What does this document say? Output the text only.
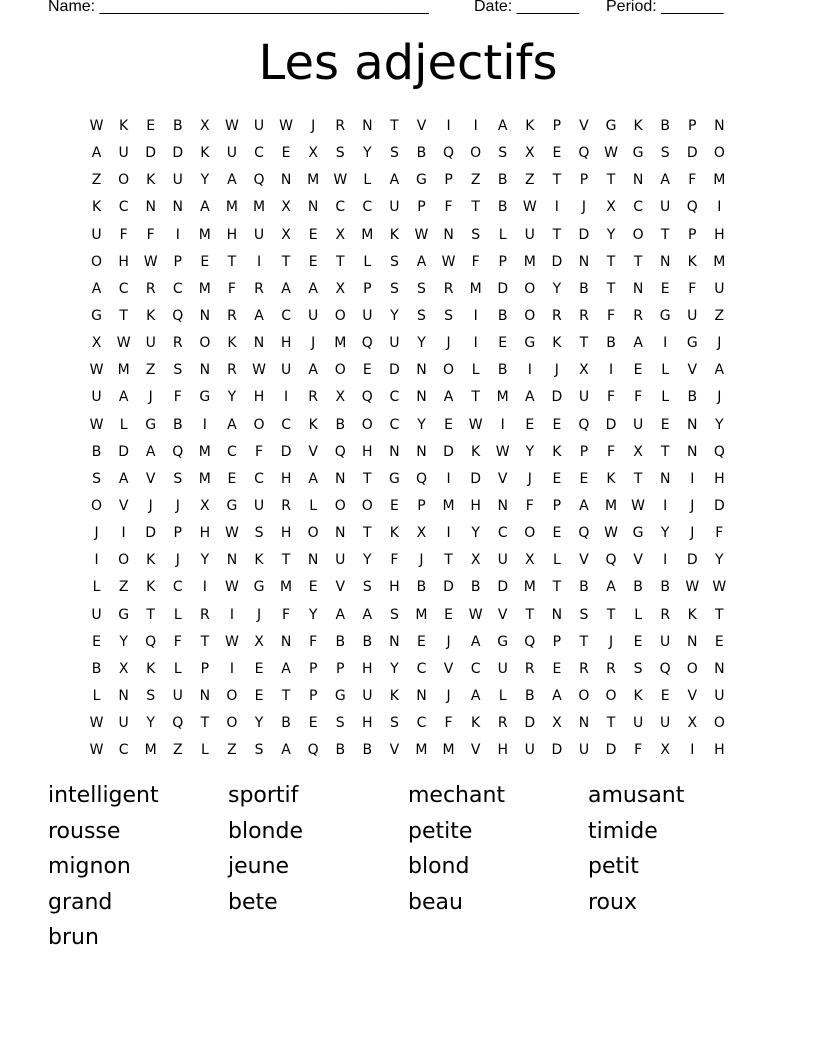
Name: _____________________________________	Date: _______ Period: _______
Les adjectifs
W	K	E	B	X	W	U	W	J	R	N	T	V	I	I	A	K	P	V	G	K	B	P	N
A	U	D	D	K	U	C	E	X	S	Y	S	B	Q	O	S	X	E	Q	W	G	S	D	O
Z	O	K	U	Y	A	Q	N	M	W	L	A	G	P	Z	B	Z	T	P	T	N	A	F	M
K	C	N	N	A	M	M	X	N	C	C	U	P	F	T	B	W	I	J	X	C	U	Q	I
U	F	F	I	M	H	U	X	E	X	M	K	W	N	S	L	U	T	D	Y	O	T	P	H
O	H	W	P	E	T	I	T	E	T	L	S	A	W	F	P	M	D	N	T	T	N	K	M
A	C	R	C	M	F	R	A	A	X	P	S	S	R	M	D	O	Y	B	T	N	E	F	U
G	T	K	Q	N	R	A	C	U	O	U	Y	S	S	I	B	O	R	R	F	R	G	U	Z
X	W	U	R	O	K	N	H	J	M	Q	U	Y	J	I	E	G	K	T	B	A	I	G	J
W	M	Z	S	N	R	W	U	A	O	E	D	N	O	L	B	I	J	X	I	E	L	V	A
U	A	J	F	G	Y	H	I	R	X	Q	C	N	A	T	M	A	D	U	F	F	L	B	J
W	L	G	B	I	A	O	C	K	B	O	C	Y	E	W	I	E	E	Q	D	U	E	N	Y
B	D	A	Q	M	C	F	D	V	Q	H	N	N	D	K	W	Y	K	P	F	X	T	N	Q
S	A	V	S	M	E	C	H	A	N	T	G	Q	I	D	V	J	E	E	K	T	N	I	H
O	V	J	J	X	G	U	R	L	O	O	E	P	M	H	N	F	P	A	M	W	I	J	D
J	I	D	P	H	W	S	H	O	N	T	K	X	I	Y	C	O	E	Q	W	G	Y	J	F
I	O	K	J	Y	N	K	T	N	U	Y	F	J	T	X	U	X	L	V	Q	V	I	D	Y
L	Z	K	C	I	W	G	M	E	V	S	H	B	D	B	D	M	T	B	A	B	B	W W
U	G	T	L	R	I	J	F	Y	A	A	S	M	E	W	V	T	N	S	T	L	R	K	T
E	Y	Q	F	T	W	X	N	F	B	B	N	E	J	A	G	Q	P	T	J	E	U	N	E
B	X	K	L	P	I	E	A	P	P	H	Y	C	V	C	U	R	E	R	R	S	Q	O	N
L	N	S	U	N	O	E	T	P	G	U	K	N	J	A	L	B	A	O	O	K	E	V	U
W	U	Y	Q	T	O	Y	B	E	S	H	S	C	F	K	R	D	X	N	T	U	U	X	O
W	C	M	Z	L	Z	S	A	Q	B	B	V	M	M	V	H	U	D	U	D	F	X	I	H
intelligent	sportif	mechant	amusant
rousse	blonde	petite	timide
mignon	jeune	blond	petit
grand	bete	beau	roux
brun
